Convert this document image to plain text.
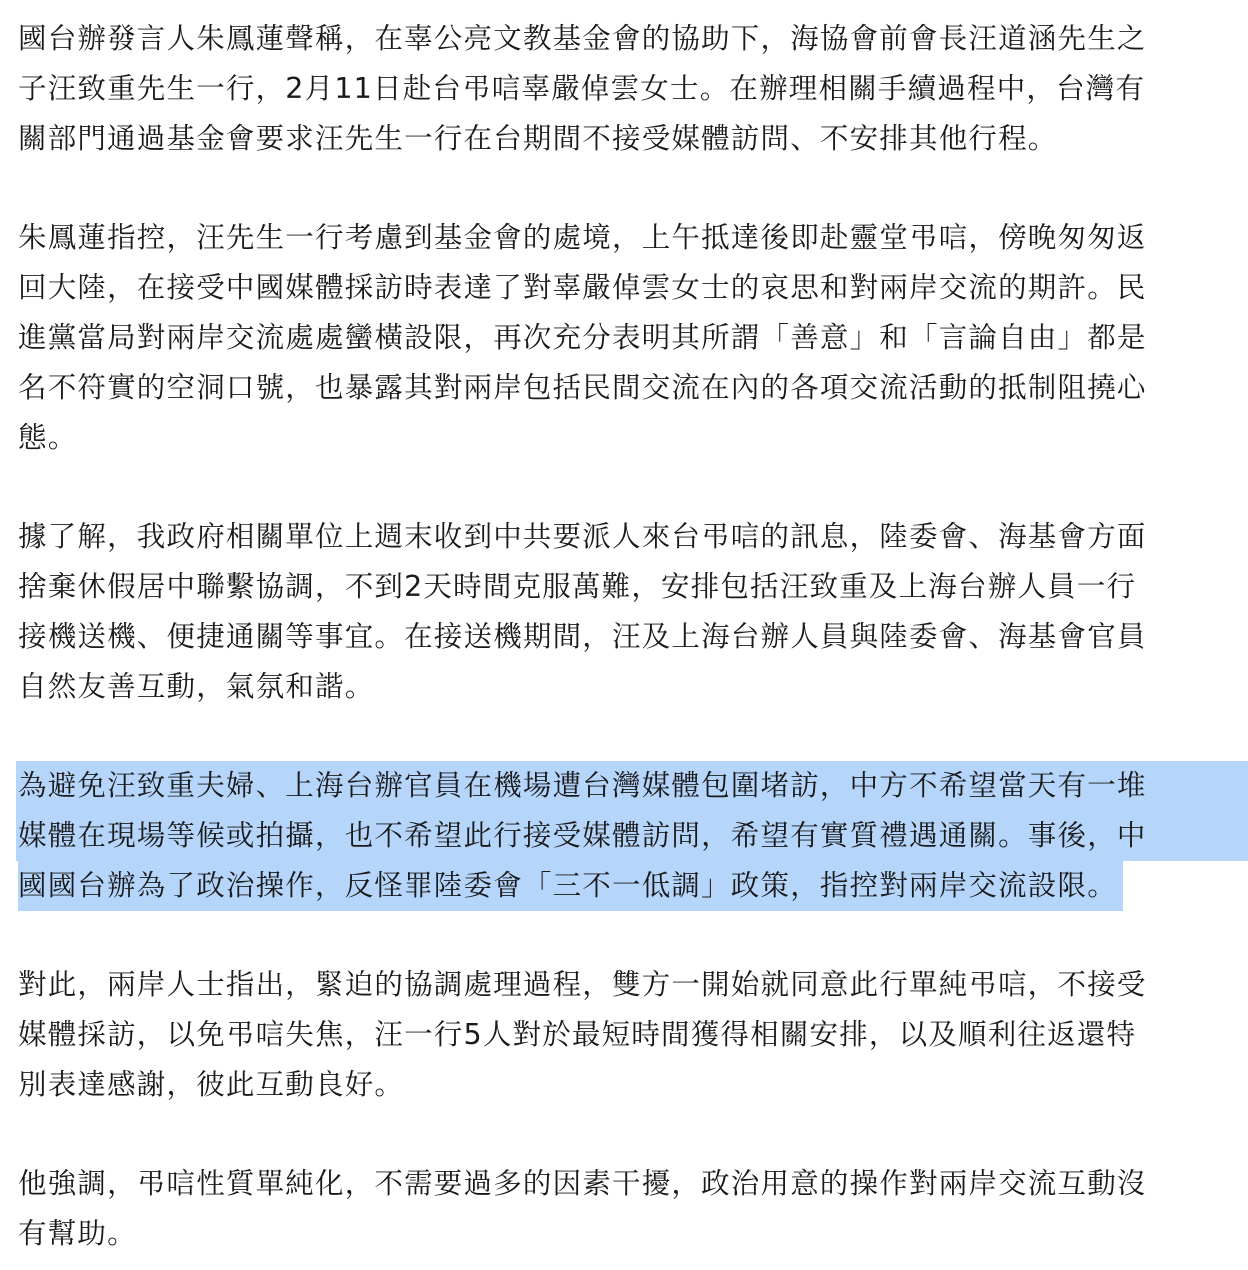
國台辦發言人朱鳳蓮聲稱，在辜公亮文教基金會的協助下，海協會前會長汪道涵先生之
子汪致重先生一行，2月11日赴台弔唁辜嚴倬雲女士。在辦理相關手續過程中，台灣有
關部門通過基金會要求汪先生一行在台期間不接受媒體訪問、不安排其他行程。

朱鳳蓮指控，汪先生一行考慮到基金會的處境，上午抵達後即赴靈堂弔唁，傍晚匆匆返
回大陸，在接受中國媒體採訪時表達了對辜嚴倬雲女士的哀思和對兩岸交流的期許。民
進黨當局對兩岸交流處處蠻橫設限，再次充分表明其所謂「善意」和「言論自由」都是
名不符實的空洞口號，也暴露其對兩岸包括民間交流在內的各項交流活動的抵制阻撓心
態。

據了解，我政府相關單位上週末收到中共要派人來台弔唁的訊息，陸委會、海基會方面
捨棄休假居中聯繫協調，不到2天時間克服萬難，安排包括汪致重及上海台辦人員一行
接機送機、便捷通關等事宜。在接送機期間，汪及上海台辦人員與陸委會、海基會官員
自然友善互動，氣氛和諧。

為避免汪致重夫婦、上海台辦官員在機場遭台灣媒體包圍堵訪，中方不希望當天有一堆
媒體在現場等候或拍攝，也不希望此行接受媒體訪問，希望有實質禮遇通關。事後，中
國國台辦為了政治操作，反怪罪陸委會「三不一低調」政策，指控對兩岸交流設限。

對此，兩岸人士指出，緊迫的協調處理過程，雙方一開始就同意此行單純弔唁，不接受
媒體採訪，以免弔唁失焦，汪一行5人對於最短時間獲得相關安排，以及順利往返還特
別表達感謝，彼此互動良好。

他強調，弔唁性質單純化，不需要過多的因素干擾，政治用意的操作對兩岸交流互動沒
有幫助。
